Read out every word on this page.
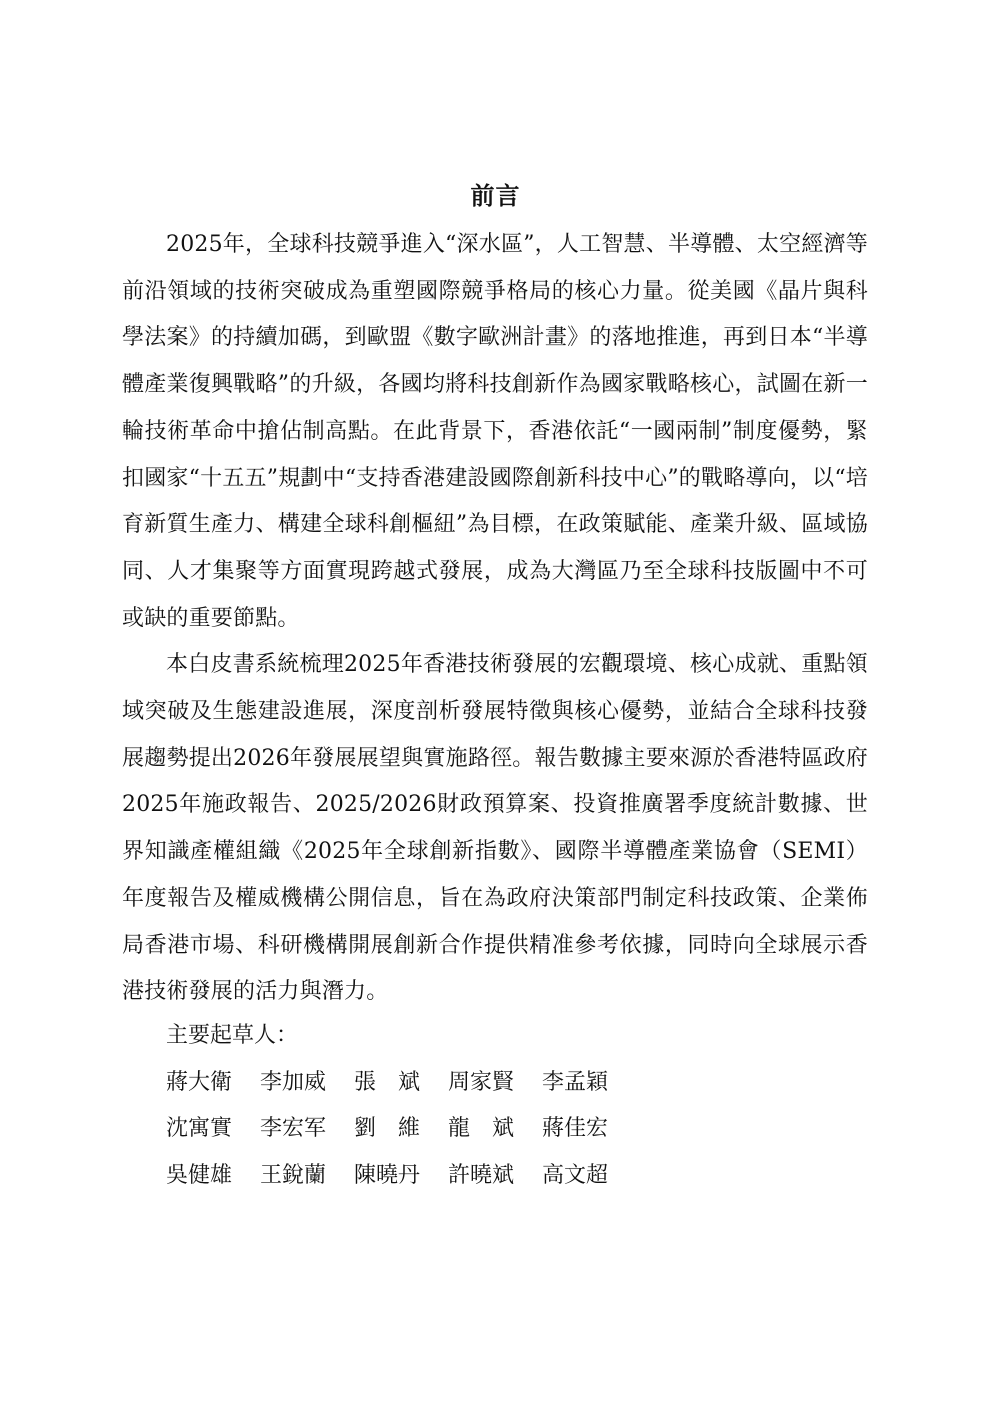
前言

2025年，全球科技競爭進入“深水區”，人工智慧、半導體、太空經濟等前沿領域的技術突破成為重塑國際競爭格局的核心力量。從美國《晶片與科學法案》的持續加碼，到歐盟《數字歐洲計畫》的落地推進，再到日本“半導體產業復興戰略”的升級，各國均將科技創新作為國家戰略核心，試圖在新一輪技術革命中搶佔制高點。在此背景下，香港依託“一國兩制”制度優勢，緊扣國家“十五五”規劃中“支持香港建設國際創新科技中心”的戰略導向，以“培育新質生產力、構建全球科創樞紐”為目標，在政策賦能、產業升級、區域協同、人才集聚等方面實現跨越式發展，成為大灣區乃至全球科技版圖中不可或缺的重要節點。

本白皮書系統梳理2025年香港技術發展的宏觀環境、核心成就、重點領域突破及生態建設進展，深度剖析發展特徵與核心優勢，並結合全球科技發展趨勢提出2026年發展展望與實施路徑。報告數據主要來源於香港特區政府2025年施政報告、2025/2026財政預算案、投資推廣署季度統計數據、世界知識產權組織《2025年全球創新指數》、國際半導體產業協會（SEMI）年度報告及權威機構公開信息，旨在為政府決策部門制定科技政策、企業佈局香港市場、科研機構開展創新合作提供精准參考依據，同時向全球展示香港技術發展的活力與潛力。

主要起草人：
蔣大衛	李加威	張　斌	周家賢	李孟穎
沈寓實	李宏军	劉　維	龍　斌	蔣佳宏
吳健雄	王銳蘭	陳曉丹	許曉斌	高文超
